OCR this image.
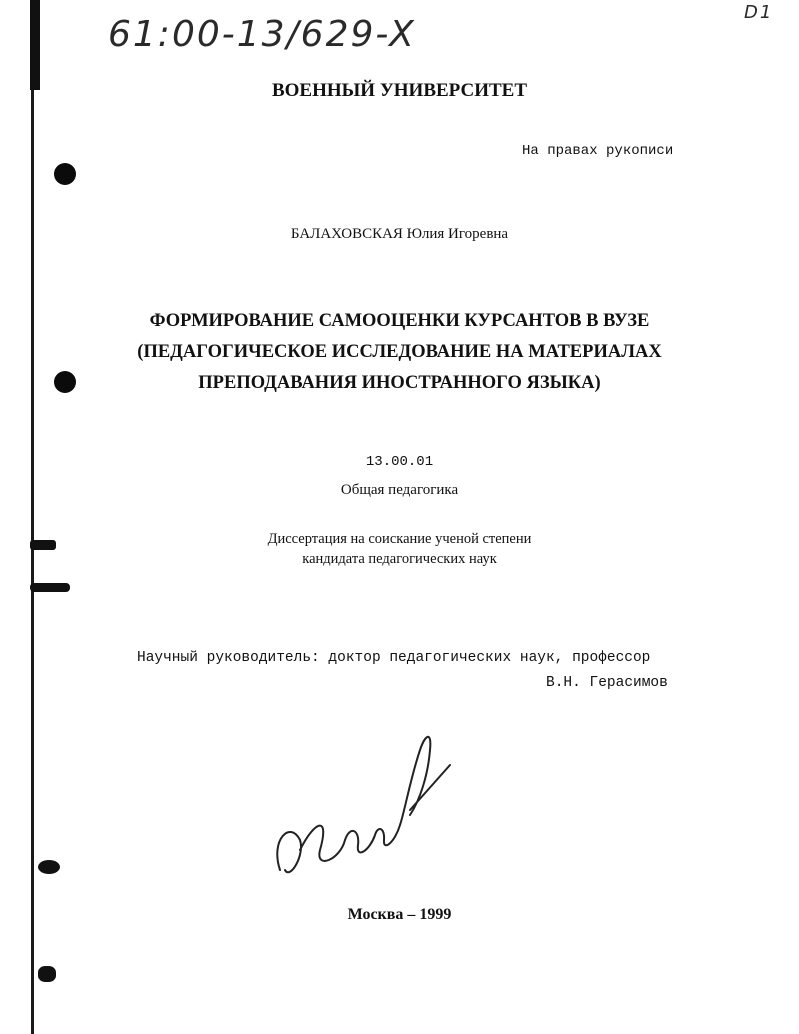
61:00-13/629-X
D1
ВОЕННЫЙ УНИВЕРСИТЕТ
На правах рукописи
БАЛАХОВСКАЯ Юлия Игоревна
ФОРМИРОВАНИЕ САМООЦЕНКИ КУРСАНТОВ В ВУЗЕ
(ПЕДАГОГИЧЕСКОЕ ИССЛЕДОВАНИЕ НА МАТЕРИАЛАХ
ПРЕПОДАВАНИЯ ИНОСТРАННОГО ЯЗЫКА)
13.00.01
Общая педагогика
Диссертация на соискание ученой степени
кандидата педагогических наук
Научный руководитель: доктор педагогических наук, профессор
В.Н. Герасимов
Москва – 1999
